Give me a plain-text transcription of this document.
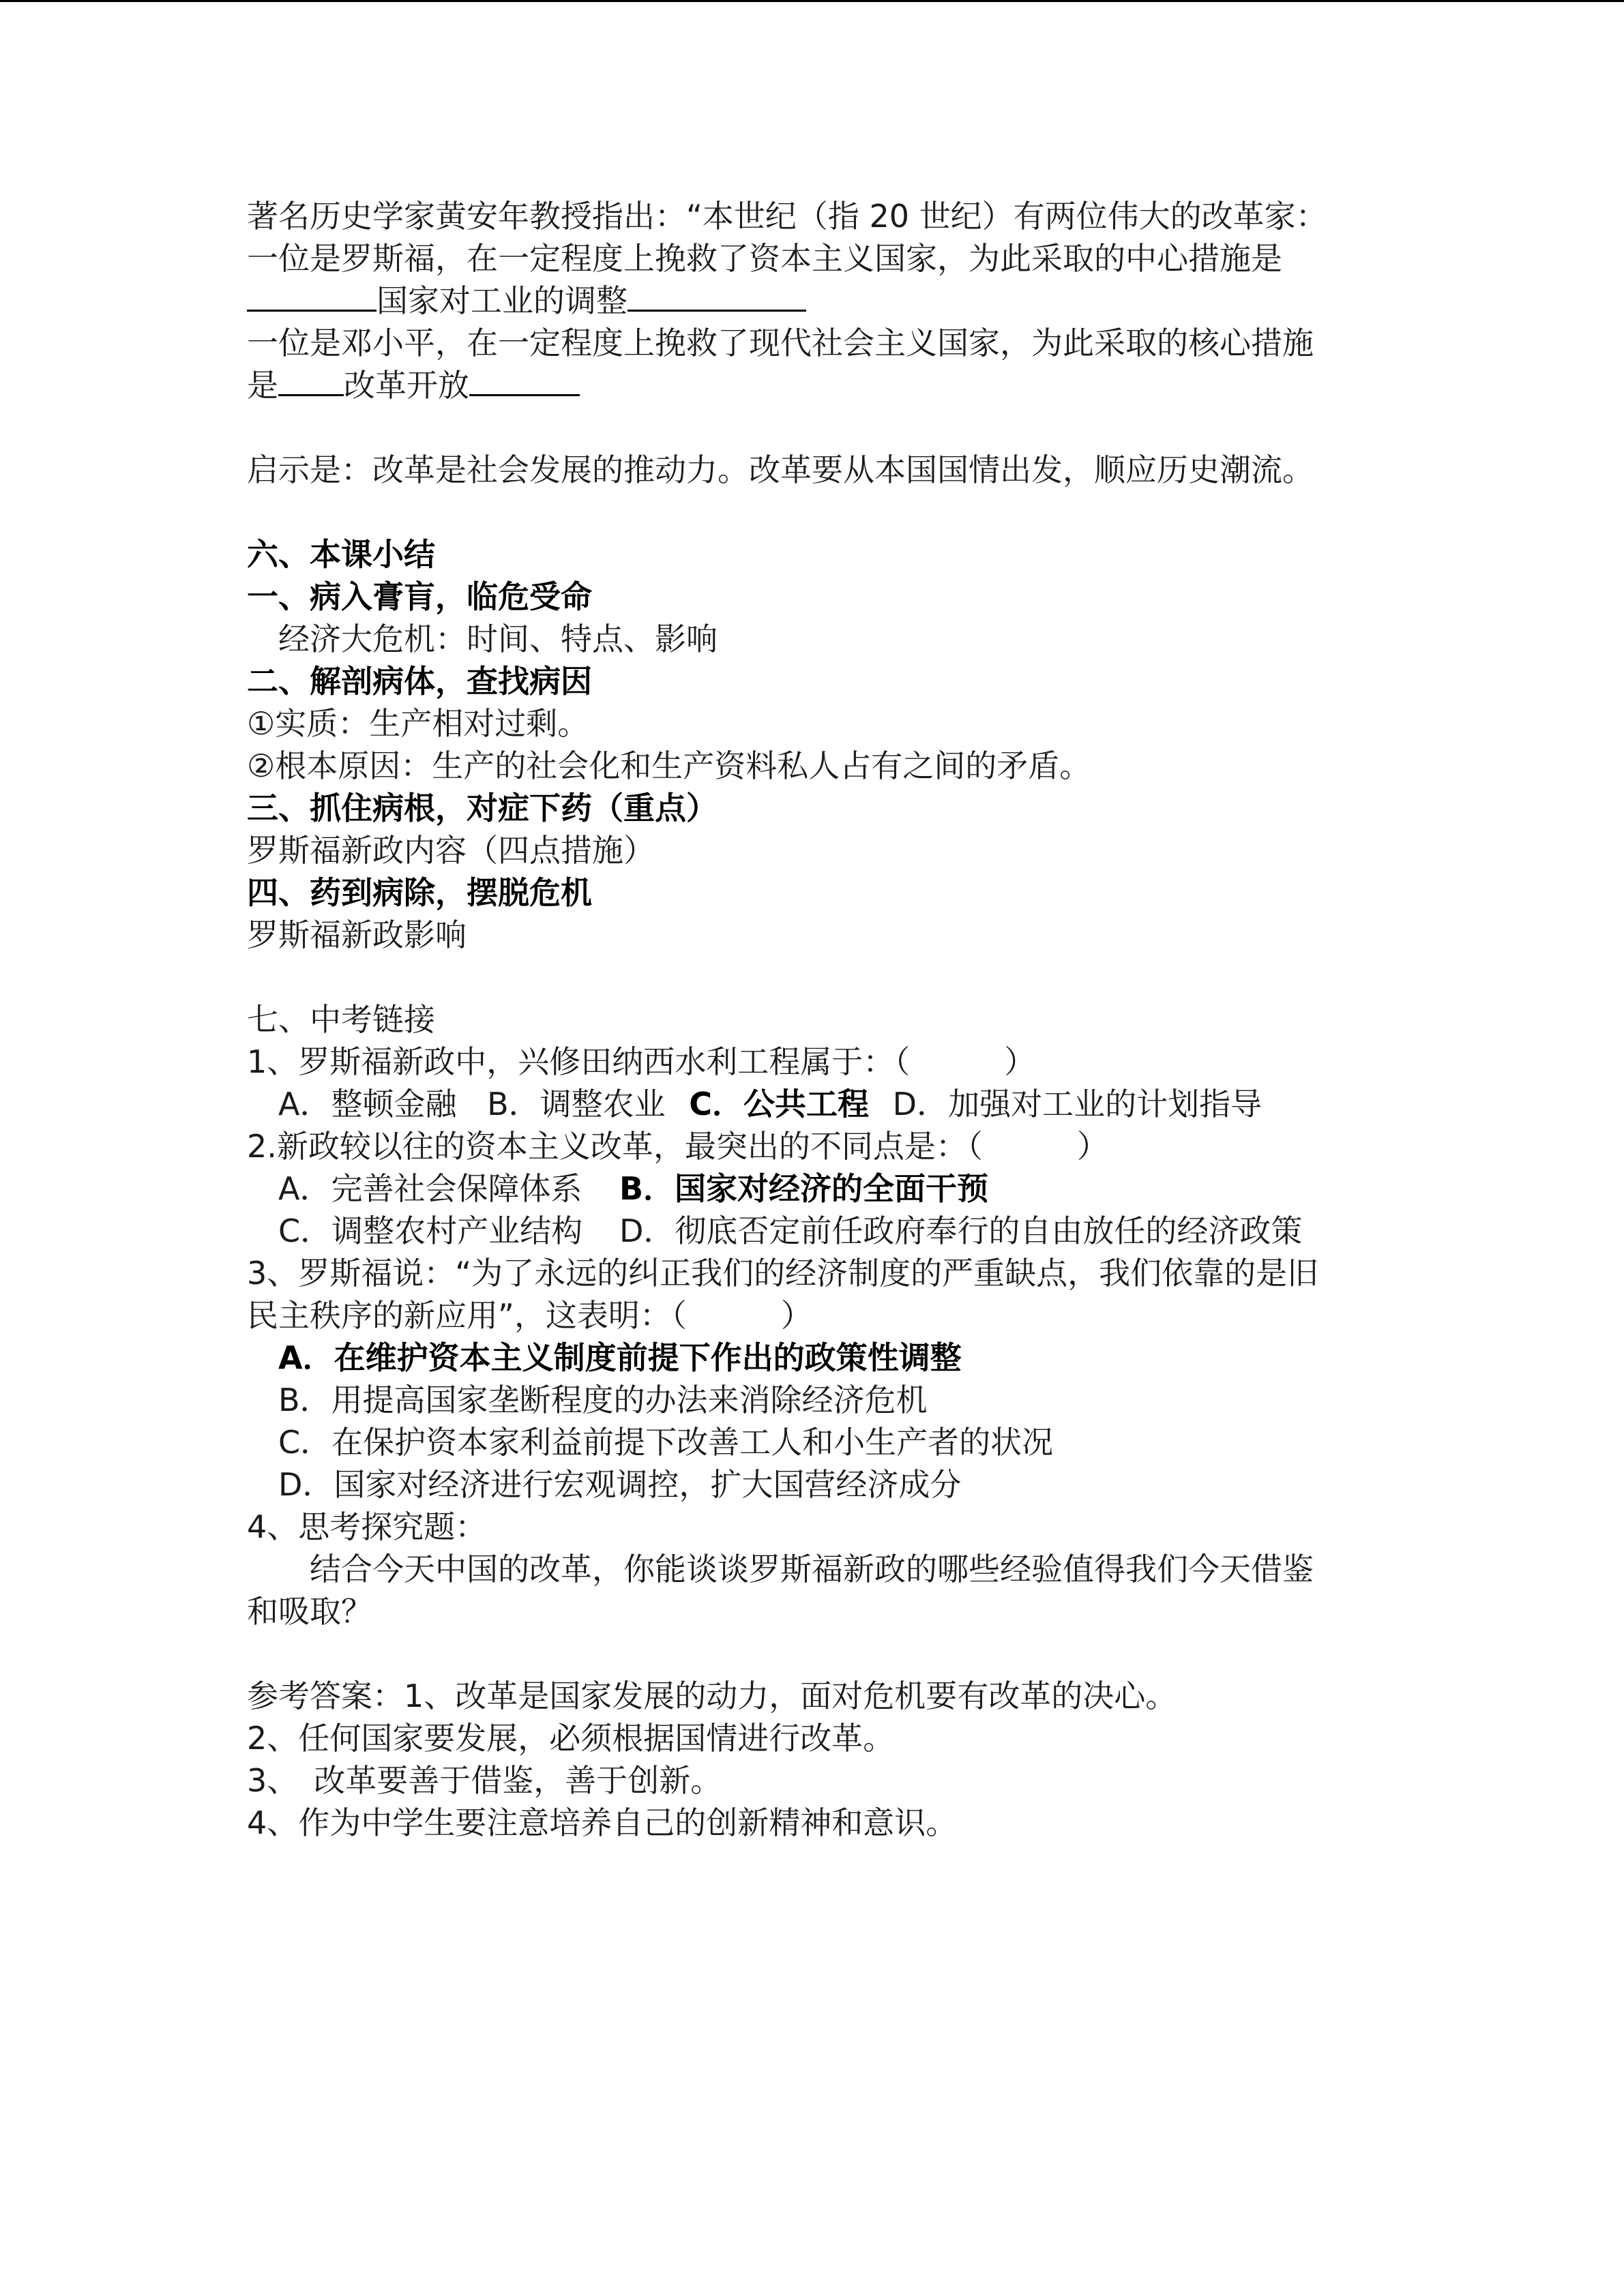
著名历史学家黄安年教授指出：“本世纪（指 20 世纪）有两位伟大的改革家：
一位是罗斯福，在一定程度上挽救了资本主义国家，为此采取的中心措施是
国家对工业的调整
一位是邓小平，在一定程度上挽救了现代社会主义国家，为此采取的核心措施
是 改革开放
启示是：改革是社会发展的推动力。改革要从本国国情出发，顺应历史潮流。
六、本课小结
一、病入膏肓，临危受命
经济大危机：时间、特点、影响
二、解剖病体，查找病因
①实质：生产相对过剩。
②根本原因：生产的社会化和生产资料私人占有之间的矛盾。
三、抓住病根，对症下药（重点）
罗斯福新政内容（四点措施）
四、药到病除，摆脱危机
罗斯福新政影响
七、中考链接
1、罗斯福新政中，兴修田纳西水利工程属于：（　　　）
A．整顿金融 B．调整农业 C．公共工程 D．加强对工业的计划指导
2.新政较以往的资本主义改革，最突出的不同点是：（　　　）
A．完善社会保障体系 B．国家对经济的全面干预
C．调整农村产业结构 D．彻底否定前任政府奉行的自由放任的经济政策
3、罗斯福说：“为了永远的纠正我们的经济制度的严重缺点，我们依靠的是旧
民主秩序的新应用”，这表明：（　　　）
A．在维护资本主义制度前提下作出的政策性调整
B．用提高国家垄断程度的办法来消除经济危机
C．在保护资本家利益前提下改善工人和小生产者的状况
D．国家对经济进行宏观调控，扩大国营经济成分
4、思考探究题：
结合今天中国的改革，你能谈谈罗斯福新政的哪些经验值得我们今天借鉴
和吸取？
参考答案：1、改革是国家发展的动力，面对危机要有改革的决心。
2、任何国家要发展，必须根据国情进行改革。
3、　改革要善于借鉴，善于创新。
4、作为中学生要注意培养自己的创新精神和意识。
